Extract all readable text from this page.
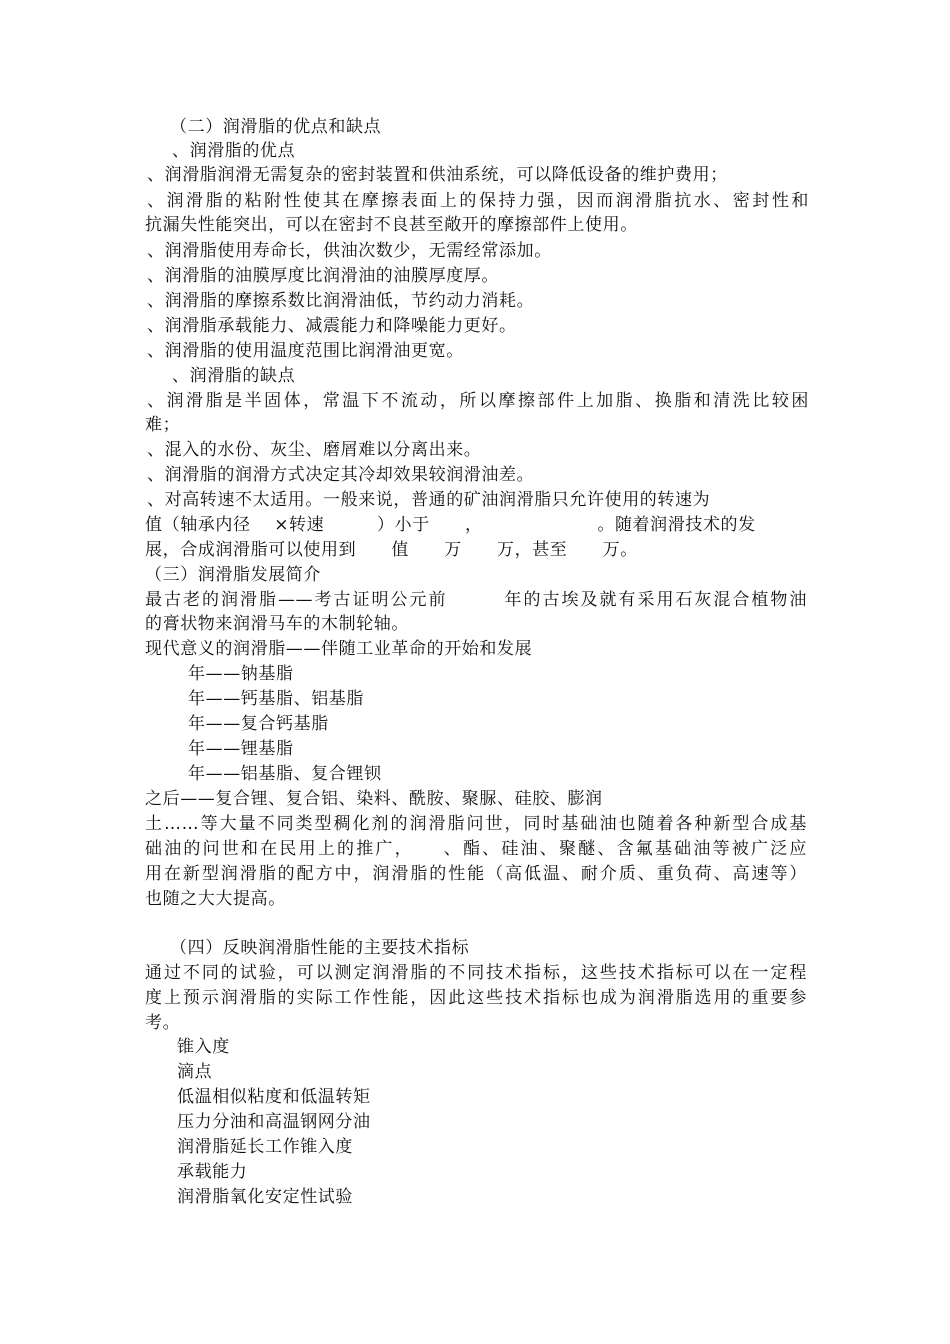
（二）润滑脂的优点和缺点
、润滑脂的优点
、润滑脂润滑无需复杂的密封装置和供油系统，可以降低设备的维护费用；
、润滑脂的粘附性使其在摩擦表面上的保持力强，因而润滑脂抗水、密封性和
抗漏失性能突出，可以在密封不良甚至敞开的摩擦部件上使用。
、润滑脂使用寿命长，供油次数少，无需经常添加。
、润滑脂的油膜厚度比润滑油的油膜厚度厚。
、润滑脂的摩擦系数比润滑油低，节约动力消耗。
、润滑脂承载能力、减震能力和降噪能力更好。
、润滑脂的使用温度范围比润滑油更宽。
、润滑脂的缺点
、润滑脂是半固体，常温下不流动，所以摩擦部件上加脂、换脂和清洗比较困
难；
、混入的水份、灰尘、磨屑难以分离出来。
、润滑脂的润滑方式决定其冷却效果较润滑油差。
、对高转速不太适用。一般来说，普通的矿油润滑脂只允许使用的转速为
值（轴承内径　 ×转速　　　）小于　　，　　　　　　　。随着润滑技术的发
展，合成润滑脂可以使用到　　值　　万　　万，甚至　　万。
（三）润滑脂发展简介
最古老的润滑脂——考古证明公元前　　　年的古埃及就有采用石灰混合植物油
的膏状物来润滑马车的木制轮轴。
现代意义的润滑脂——伴随工业革命的开始和发展
年——钠基脂
年——钙基脂、铝基脂
年——复合钙基脂
年——锂基脂
年——铝基脂、复合锂钡
之后——复合锂、复合铝、染料、酰胺、聚脲、硅胶、膨润
土……等大量不同类型稠化剂的润滑脂问世，同时基础油也随着各种新型合成基
础油的问世和在民用上的推广，　　、酯、硅油、聚醚、含氟基础油等被广泛应
用在新型润滑脂的配方中，润滑脂的性能（高低温、耐介质、重负荷、高速等）
也随之大大提高。
（四）反映润滑脂性能的主要技术指标
通过不同的试验，可以测定润滑脂的不同技术指标，这些技术指标可以在一定程
度上预示润滑脂的实际工作性能，因此这些技术指标也成为润滑脂选用的重要参
考。
锥入度
滴点
低温相似粘度和低温转矩
压力分油和高温钢网分油
润滑脂延长工作锥入度
承载能力
润滑脂氧化安定性试验
